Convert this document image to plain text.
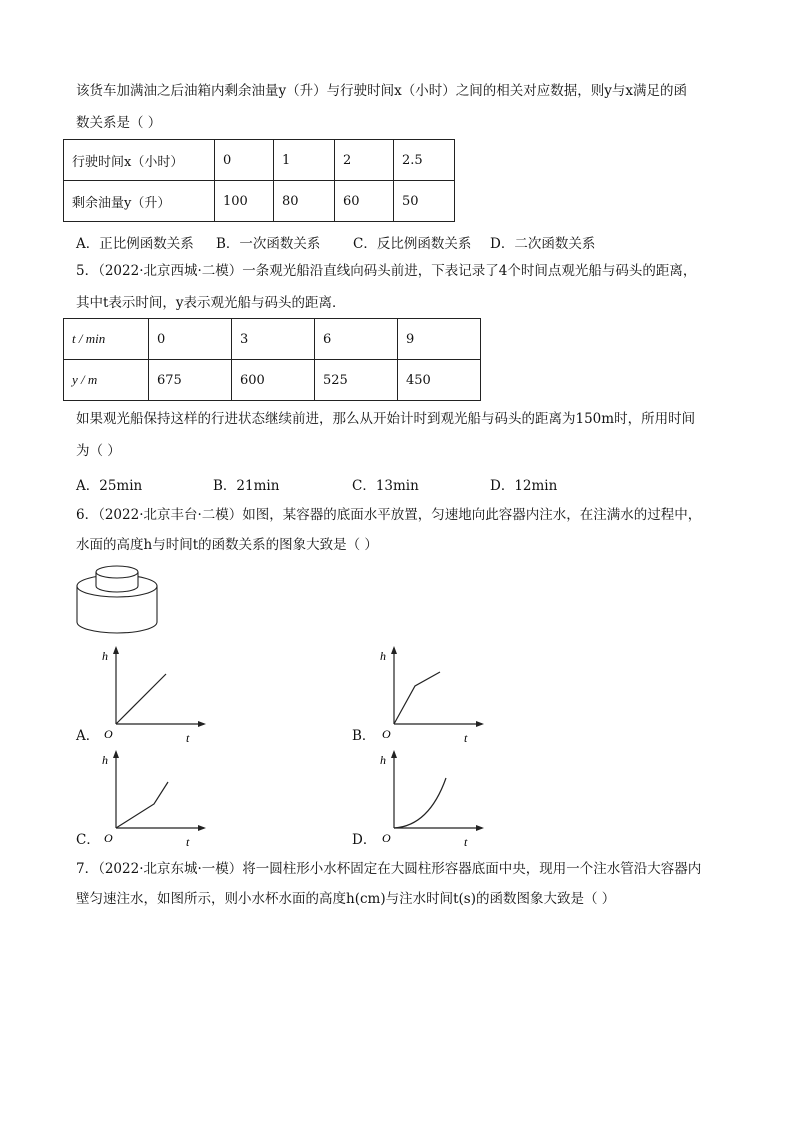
该货车加满油之后油箱内剩余油量y（升）与行驶时间x（小时）之间的相关对应数据，则y与x满足的函
数关系是（ ）
行驶时间x（小时）	0	1	2	2.5
剩余油量y（升）	100	80	60	50
A．正比例函数关系 B．一次函数关系 C．反比例函数关系 D．二次函数关系
5．（2022·北京西城·二模）一条观光船沿直线向码头前进，下表记录了4个时间点观光船与码头的距离，
其中t表示时间，y表示观光船与码头的距离．
t / min	0	3	6	9
y / m	675	600	525	450
如果观光船保持这样的行进状态继续前进，那么从开始计时到观光船与码头的距离为150m时，所用时间
为（ ）
A．25min	B．21min	C．13min	D．12min
6．（2022·北京丰台·二模）如图，某容器的底面水平放置，匀速地向此容器内注水，在注满水的过程中，
水面的高度h与时间t的函数关系的图象大致是（ ）
A．
h
O	t	B．
h
O	t
C．
h
O	t	D．
h
O	t
7．（2022·北京东城·一模）将一圆柱形小水杯固定在大圆柱形容器底面中央，现用一个注水管沿大容器内
壁匀速注水，如图所示，则小水杯水面的高度h(cm)与注水时间t(s)的函数图象大致是（ ）
